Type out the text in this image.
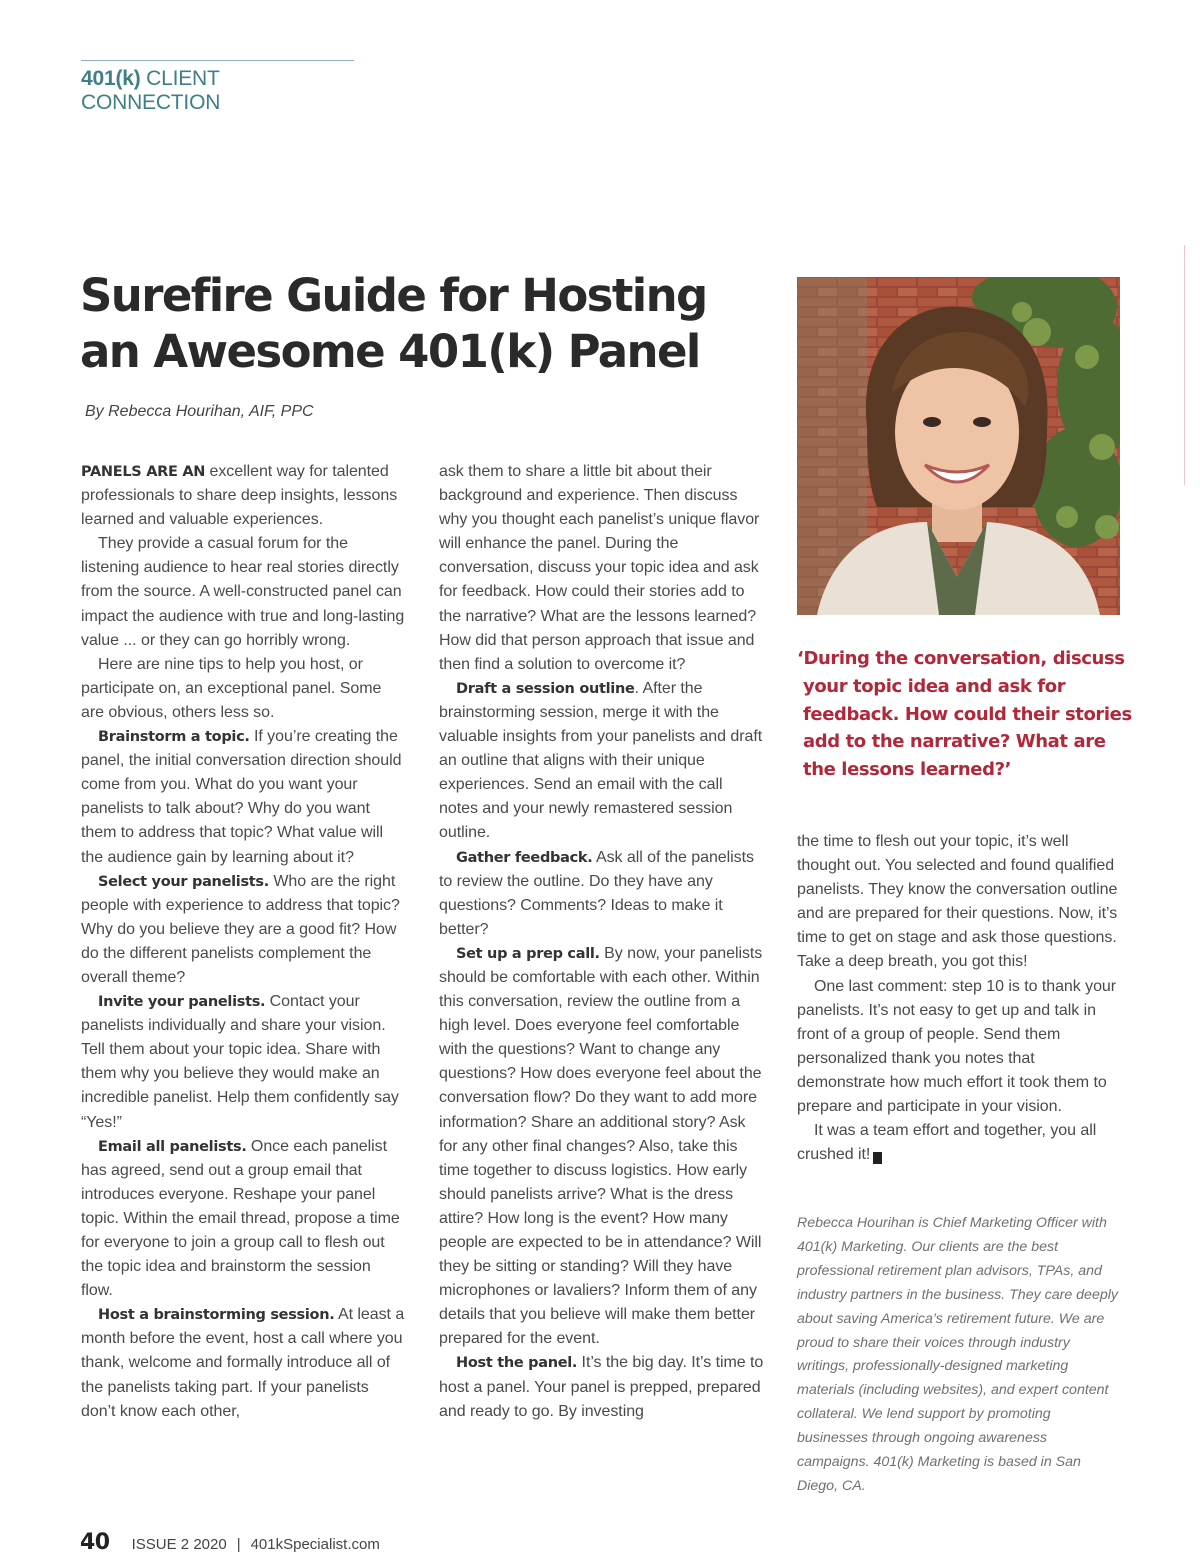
401(k) CLIENT CONNECTION
Surefire Guide for Hosting
an Awesome 401(k) Panel
By Rebecca Hourihan, AIF, PPC

PANELS ARE AN excellent way for talented professionals to share deep insights, lessons learned and valuable experiences.

They provide a casual forum for the listening audience to hear real stories directly from the source. A well-constructed panel can impact the audience with true and long-lasting value ... or they can go horribly wrong.

Here are nine tips to help you host, or participate on, an exceptional panel. Some are obvious, others less so.

Brainstorm a topic. If you’re creating the panel, the initial conversation direction should come from you. What do you want your panelists to talk about? Why do you want them to address that topic? What value will the audience gain by learning about it?

Select your panelists. Who are the right people with experience to address that topic? Why do you believe they are a good fit? How do the different panelists complement the overall theme?

Invite your panelists. Contact your panelists individually and share your vision. Tell them about your topic idea. Share with them why you believe they would make an incredible panelist. Help them confidently say “Yes!”

Email all panelists. Once each panelist has agreed, send out a group email that introduces everyone. Reshape your panel topic. Within the email thread, propose a time for everyone to join a group call to flesh out the topic idea and brainstorm the session flow.

Host a brainstorming session. At least a month before the event, host a call where you thank, welcome and formally introduce all of the panelists taking part. If your panelists don’t know each other,

ask them to share a little bit about their background and experience. Then discuss why you thought each panelist’s unique flavor will enhance the panel. During the conversation, discuss your topic idea and ask for feedback. How could their stories add to the narrative? What are the lessons learned? How did that person approach that issue and then find a solution to overcome it?

Draft a session outline. After the brainstorming session, merge it with the valuable insights from your panelists and draft an outline that aligns with their unique experiences. Send an email with the call notes and your newly remastered session outline.

Gather feedback. Ask all of the panelists to review the outline. Do they have any questions? Comments? Ideas to make it better?

Set up a prep call. By now, your panelists should be comfortable with each other. Within this conversation, review the outline from a high level. Does everyone feel comfortable with the questions? Want to change any questions? How does everyone feel about the conversation flow? Do they want to add more information? Share an additional story? Ask for any other final changes? Also, take this time together to discuss logistics. How early should panelists arrive? What is the dress attire? How long is the event? How many people are expected to be in attendance? Will they be sitting or standing? Will they have microphones or lavaliers? Inform them of any details that you believe will make them better prepared for the event.

Host the panel. It’s the big day. It’s time to host a panel. Your panel is prepped, prepared and ready to go. By investing

‘During the conversation, discuss
your topic idea and ask for
feedback. How could their stories
add to the narrative? What are
the lessons learned?’

the time to flesh out your topic, it’s well thought out. You selected and found qualified panelists. They know the conversation outline and are prepared for their questions. Now, it’s time to get on stage and ask those questions. Take a deep breath, you got this!

One last comment: step 10 is to thank your panelists. It’s not easy to get up and talk in front of a group of people. Send them personalized thank you notes that demonstrate how much effort it took them to prepare and participate in your vision.

It was a team effort and together, you all crushed it!	K

Rebecca Hourihan is Chief Marketing Officer with 401(k) Marketing. Our clients are the best professional retirement plan advisors, TPAs, and industry partners in the business. They care deeply about saving America’s retirement future. We are proud to share their voices through industry writings, professionally-designed marketing materials (including websites), and expert content collateral. We lend support by promoting businesses through ongoing awareness campaigns. 401(k) Marketing is based in San Diego, CA.
40 ISSUE 2 2020 | 401kSpecialist.com
